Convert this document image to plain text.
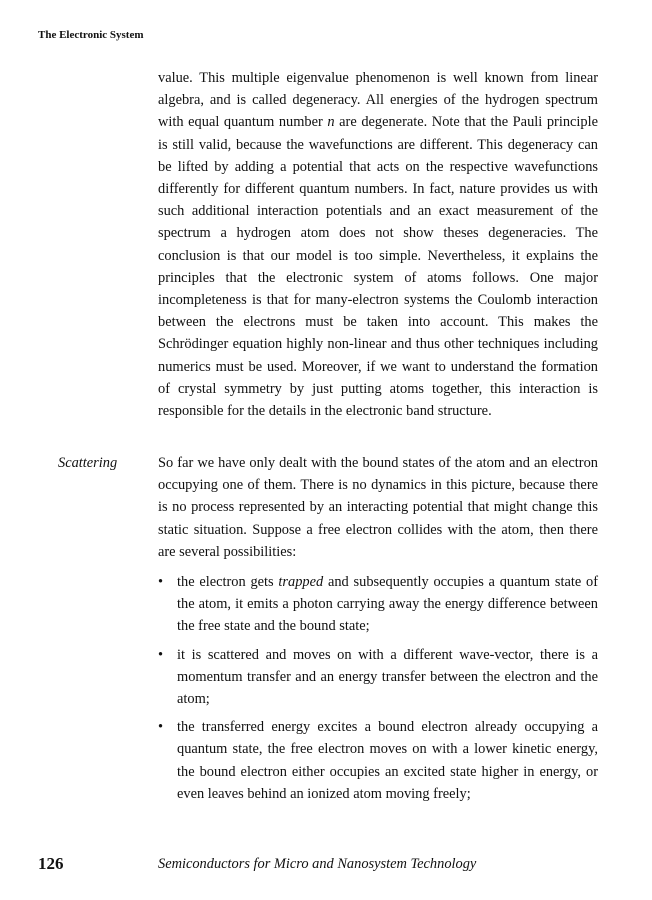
The Electronic System

value. This multiple eigenvalue phenomenon is well known from linear algebra, and is called degeneracy. All energies of the hydrogen spectrum with equal quantum number n are degenerate. Note that the Pauli principle is still valid, because the wavefunctions are different. This degeneracy can be lifted by adding a potential that acts on the respective wavefunctions differently for different quantum numbers. In fact, nature provides us with such additional interaction potentials and an exact measurement of the spectrum a hydrogen atom does not show theses degeneracies. The conclusion is that our model is too simple. Nevertheless, it explains the principles that the electronic system of atoms follows. One major incompleteness is that for many-electron systems the Coulomb interaction between the electrons must be taken into account. This makes the Schrödinger equation highly non-linear and thus other techniques including numerics must be used. Moreover, if we want to understand the formation of crystal symmetry by just putting atoms together, this interaction is responsible for the details in the electronic band structure.

Scattering	So far we have only dealt with the bound states of the atom and an electron occupying one of them. There is no dynamics in this picture, because there is no process represented by an interacting potential that might change this static situation. Suppose a free electron collides with the atom, then there are several possibilities:

• the electron gets trapped and subsequently occupies a quantum state of the atom, it emits a photon carrying away the energy difference between the free state and the bound state;
• it is scattered and moves on with a different wave-vector, there is a momentum transfer and an energy transfer between the electron and the atom;
• the transferred energy excites a bound electron already occupying a quantum state, the free electron moves on with a lower kinetic energy, the bound electron either occupies an excited state higher in energy, or even leaves behind an ionized atom moving freely;
126	Semiconductors for Micro and Nanosystem Technology
